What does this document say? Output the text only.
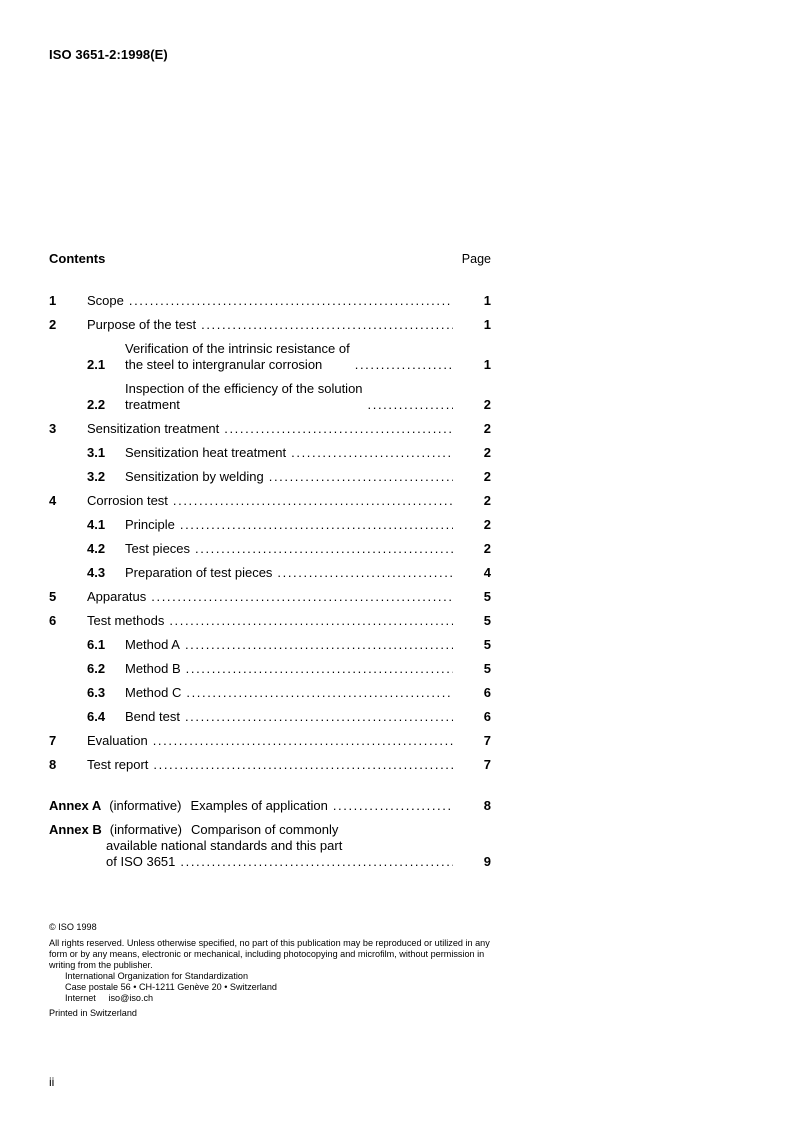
ISO 3651-2:1998(E)
Contents	Page
1	Scope .....	1
2	Purpose of the test .....	1
2.1
Verification of the intrinsic resistance of
the steel to intergranular corrosion .....	1
2.2
Inspection of the efficiency of the solution
treatment .....	2
3	Sensitization treatment .....	2
3.1	Sensitization heat treatment .....	2
3.2	Sensitization by welding .....	2
4	Corrosion test .....	2
4.1	Principle .....	2
4.2	Test pieces .....	2
4.3	Preparation of test pieces .....	4
5	Apparatus .....	5
6	Test methods .....	5
6.1	Method A .....	5
6.2	Method B .....	5
6.3	Method C .....	6
6.4	Bend test .....	6
7	Evaluation .....	7
8	Test report .....	7
Annex A (informative) Examples of application .....	8
Annex B (informative) Comparison of commonly
available national standards and this part
of ISO 3651 .....	9
© ISO 1998
All rights reserved. Unless otherwise specified, no part of this publication may be reproduced or utilized in any form or by any means, electronic or mechanical, including photocopying and microfilm, without permission in writing from the publisher.
International Organization for Standardization
Case postale 56 • CH-1211 Genève 20 • Switzerland
Internet     iso@iso.ch
Printed in Switzerland
ii
